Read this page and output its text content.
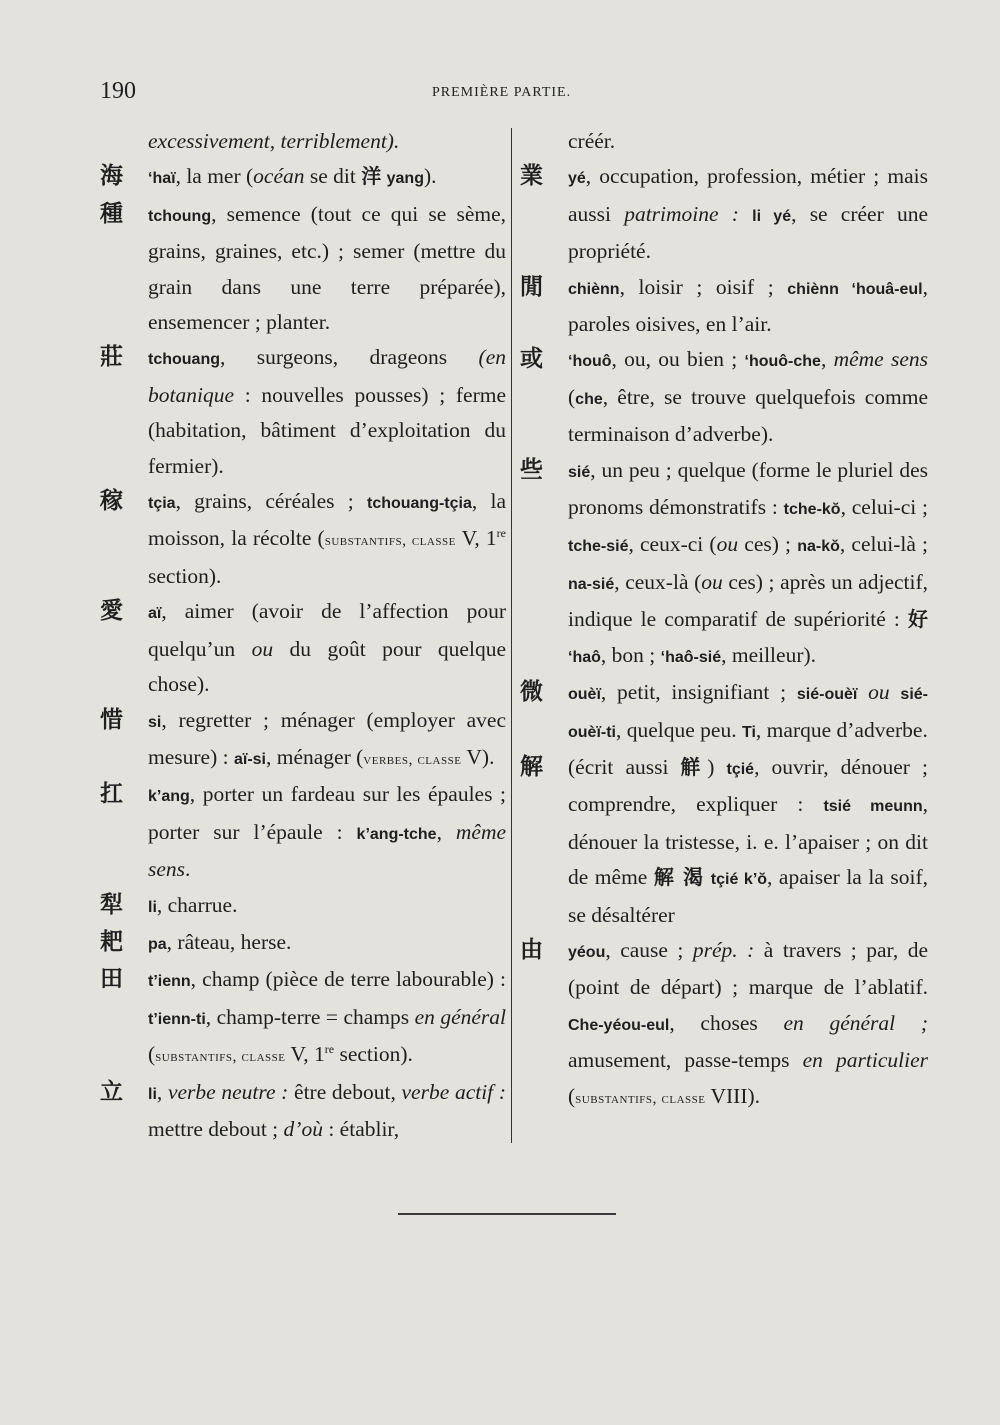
190	PREMIÈRE PARTIE.
excessivement, terriblement).
海 ‘haï, la mer (océan se dit 洋 yang).
種 tchoung, semence (tout ce qui se sème, grains, graines, etc.) ; semer (mettre du grain dans une terre préparée), ensemencer ; planter.
莊 tchouang, surgeons, drageons (en botanique : nouvelles pousses) ; ferme (habitation, bâtiment d’exploitation du fermier).
稼 tçia, grains, céréales ; tchouang-tçia, la moisson, la récolte (substantifs, classe V, 1re section).
愛 aï, aimer (avoir de l’affection pour quelqu’un ou du goût pour quelque chose).
惜 si, regretter ; ménager (employer avec mesure) : aï-si, ménager (verbes, classe V).
扛 k’ang, porter un fardeau sur les épaules ; porter sur l’épaule : k’ang-tche, même sens.
犁 li, charrue.
耙 pa, râteau, herse.
田 t’ienn, champ (pièce de terre labourable) : t’ienn-ti, champ-terre = champs en général (substantifs, classe V, 1re section).
立 li, verbe neutre : être debout, verbe actif : mettre debout ; d’où : établir,
créér.
業 yé, occupation, profession, métier ; mais aussi patrimoine : li yé, se créer une propriété.
閒 chiènn, loisir ; oisif ; chiènn ‘houâ-eul, paroles oisives, en l’air.
或 ‘houô, ou, ou bien ; ‘houô-che, même sens (che, être, se trouve quelquefois comme terminaison d’adverbe).
些 sié, un peu ; quelque (forme le pluriel des pronoms démonstratifs : tche-kŏ, celui-ci ; tche-sié, ceux-ci (ou ces) ; na-kŏ, celui-là ; na-sié, ceux-là (ou ces) ; après un adjectif, indique le comparatif de supériorité : 好 ‘haô, bon ; ‘haô-sié, meilleur).
微 ouèï, petit, insignifiant ; sié-ouèï ou sié-ouèï-ti, quelque peu. Ti, marque d’adverbe.
解 (écrit aussi 觧) tçié, ouvrir, dénouer ; comprendre, expliquer : tsié meunn, dénouer la tristesse, i. e. l’apaiser ; on dit de même 解 渴 tçié k’ŏ, apaiser la la soif, se désaltérer
由 yéou, cause ; prép. : à travers ; par, de (point de départ) ; marque de l’ablatif. Che-yéou-eul, choses en général ; amusement, passe-temps en particulier (substantifs, classe VIII).
